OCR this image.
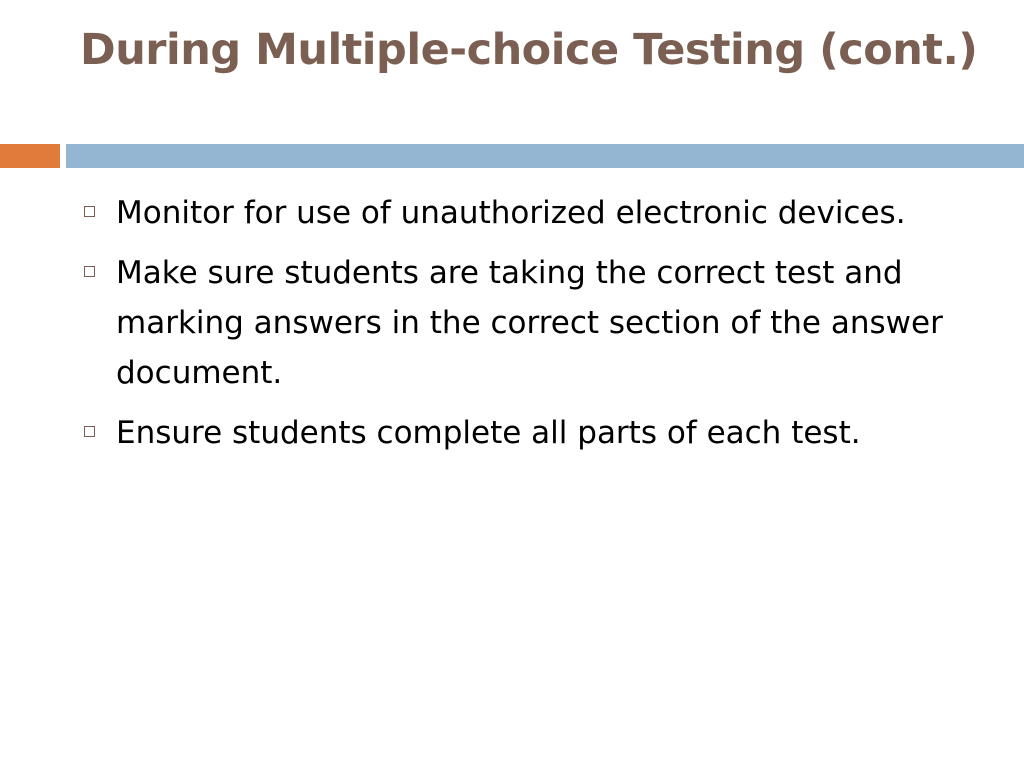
During Multiple-choice Testing (cont.)
Monitor for use of unauthorized electronic devices.
Make sure students are taking the correct test and marking answers in the correct section of the answer document.
Ensure students complete all parts of each test.
